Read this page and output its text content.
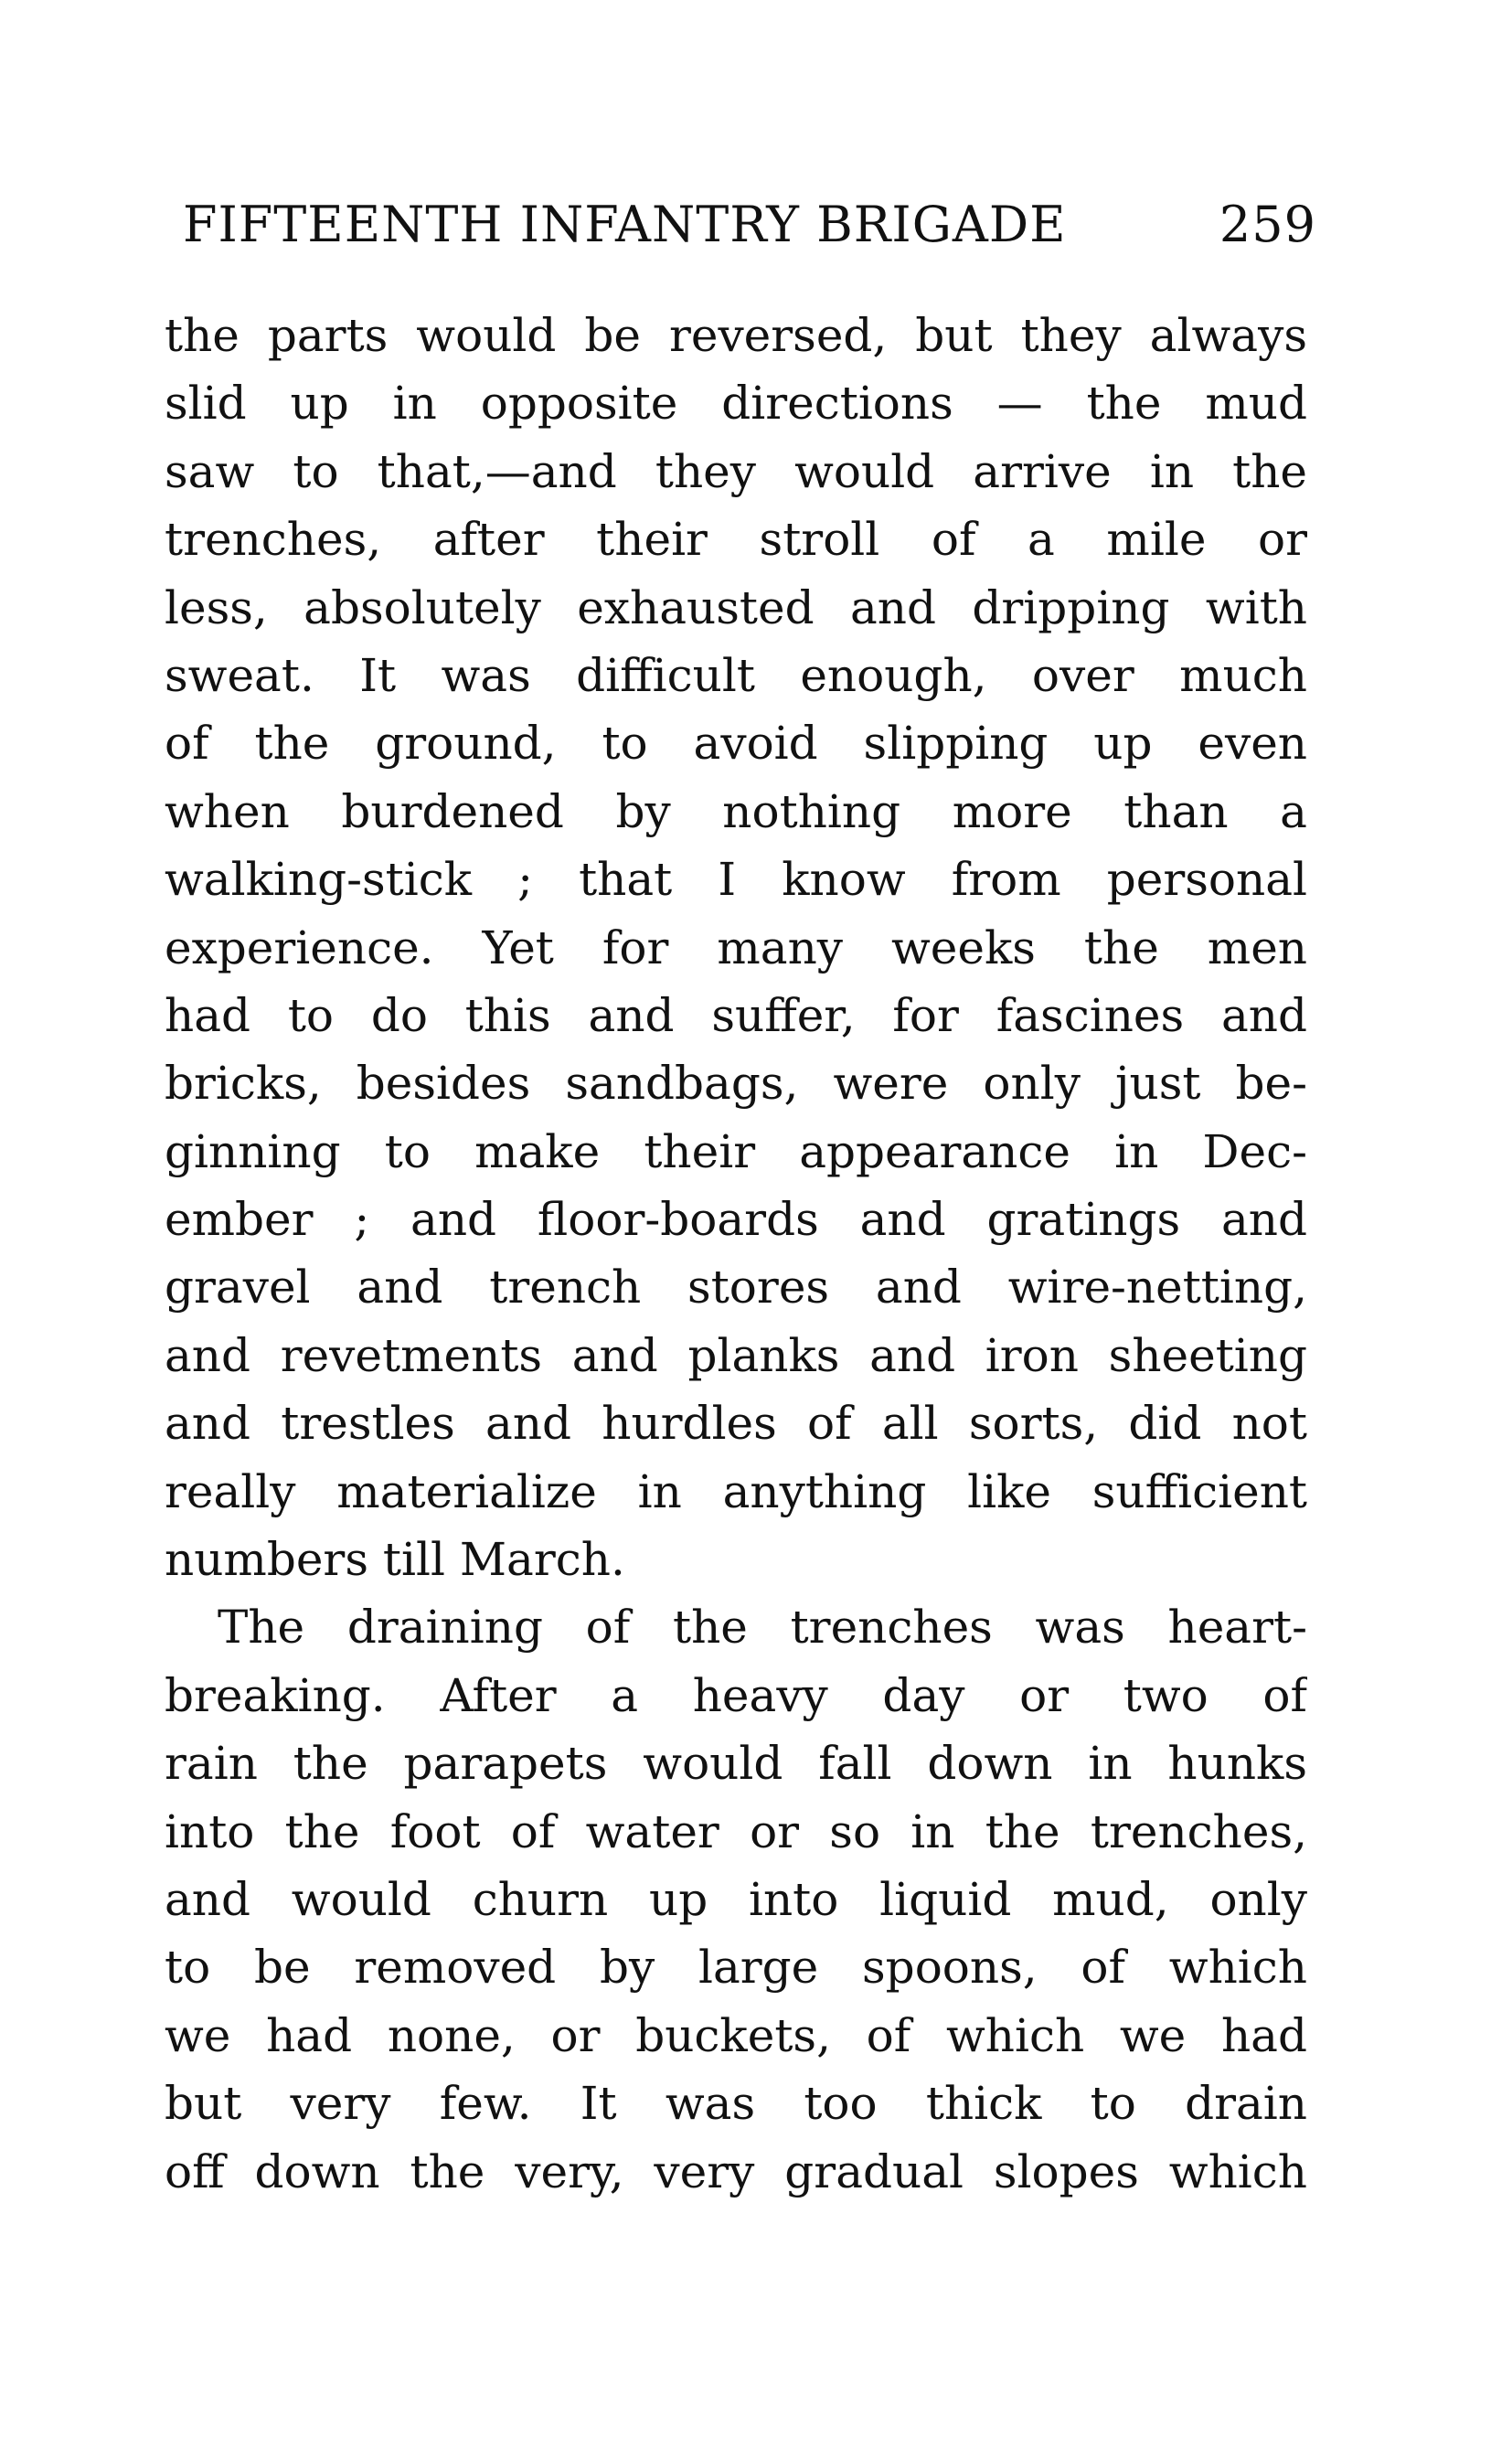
FIFTEENTH INFANTRY BRIGADE	259
the parts would be reversed, but they always
slid up in opposite directions — the mud
saw to that,—and they would arrive in the
trenches, after their stroll of a mile or
less, absolutely exhausted and dripping with
sweat. It was difficult enough, over much
of the ground, to avoid slipping up even
when burdened by nothing more than a
walking-stick ; that I know from personal
experience. Yet for many weeks the men
had to do this and suffer, for fascines and
bricks, besides sandbags, were only just be-
ginning to make their appearance in Dec-
ember ; and floor-boards and gratings and
gravel and trench stores and wire-netting,
and revetments and planks and iron sheeting
and trestles and hurdles of all sorts, did not
really materialize in anything like sufficient
numbers till March.
The draining of the trenches was heart-
breaking. After a heavy day or two of
rain the parapets would fall down in hunks
into the foot of water or so in the trenches,
and would churn up into liquid mud, only
to be removed by large spoons, of which
we had none, or buckets, of which we had
but very few. It was too thick to drain
off down the very, very gradual slopes which
